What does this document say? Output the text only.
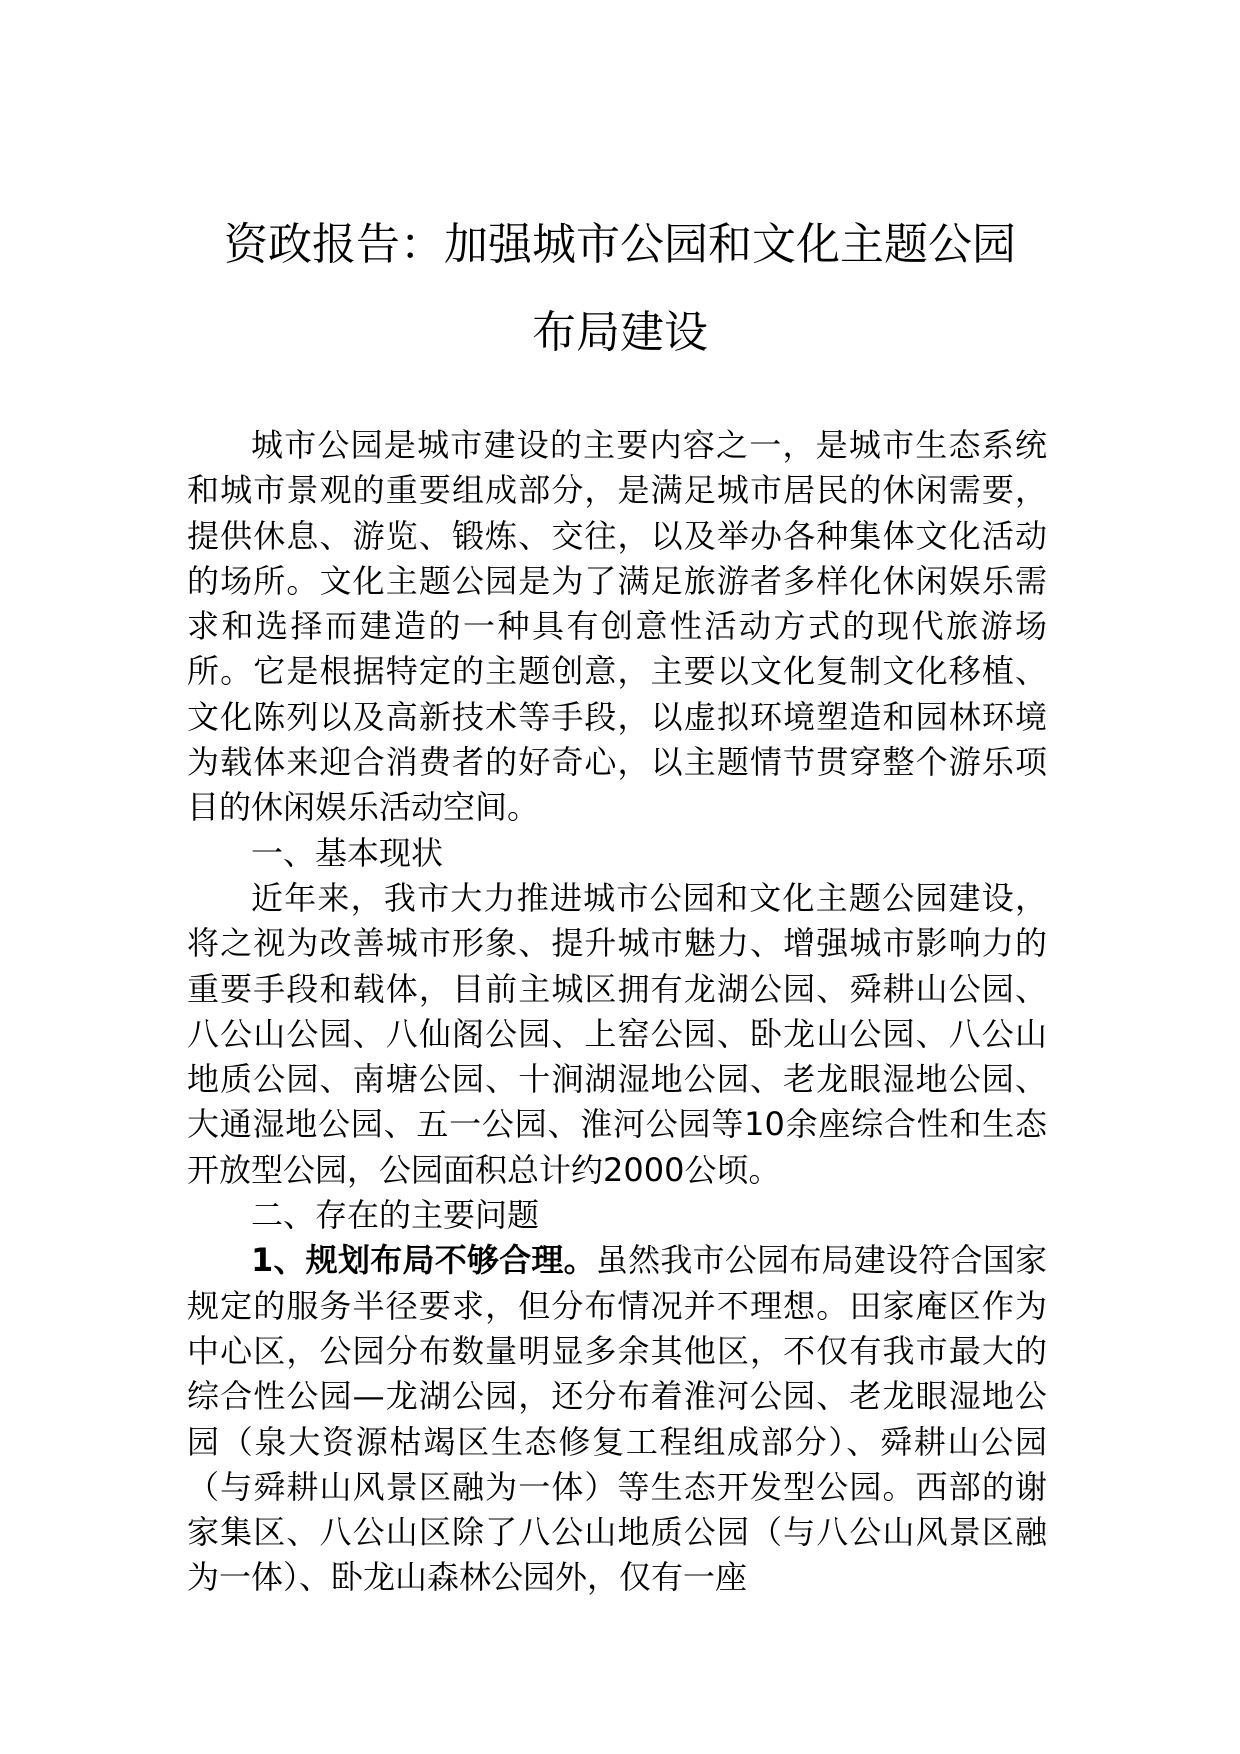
资政报告：加强城市公园和文化主题公园
布局建设

城市公园是城市建设的主要内容之一，是城市生态系统和城市景观的重要组成部分，是满足城市居民的休闲需要，提供休息、游览、锻炼、交往，以及举办各种集体文化活动的场所。文化主题公园是为了满足旅游者多样化休闲娱乐需求和选择而建造的一种具有创意性活动方式的现代旅游场所。它是根据特定的主题创意，主要以文化复制文化移植、文化陈列以及高新技术等手段，以虚拟环境塑造和园林环境为载体来迎合消费者的好奇心，以主题情节贯穿整个游乐项目的休闲娱乐活动空间。

一、基本现状

近年来，我市大力推进城市公园和文化主题公园建设，将之视为改善城市形象、提升城市魅力、增强城市影响力的重要手段和载体，目前主城区拥有龙湖公园、舜耕山公园、八公山公园、八仙阁公园、上窑公园、卧龙山公园、八公山地质公园、南塘公园、十涧湖湿地公园、老龙眼湿地公园、大通湿地公园、五一公园、淮河公园等10余座综合性和生态开放型公园，公园面积总计约2000公顷。

二、存在的主要问题

1、规划布局不够合理。虽然我市公园布局建设符合国家规定的服务半径要求，但分布情况并不理想。田家庵区作为中心区，公园分布数量明显多余其他区，不仅有我市最大的综合性公园—龙湖公园，还分布着淮河公园、老龙眼湿地公园（泉大资源枯竭区生态修复工程组成部分）、舜耕山公园（与舜耕山风景区融为一体）等生态开发型公园。西部的谢家集区、八公山区除了八公山地质公园（与八公山风景区融为一体）、卧龙山森林公园外，仅有一座
